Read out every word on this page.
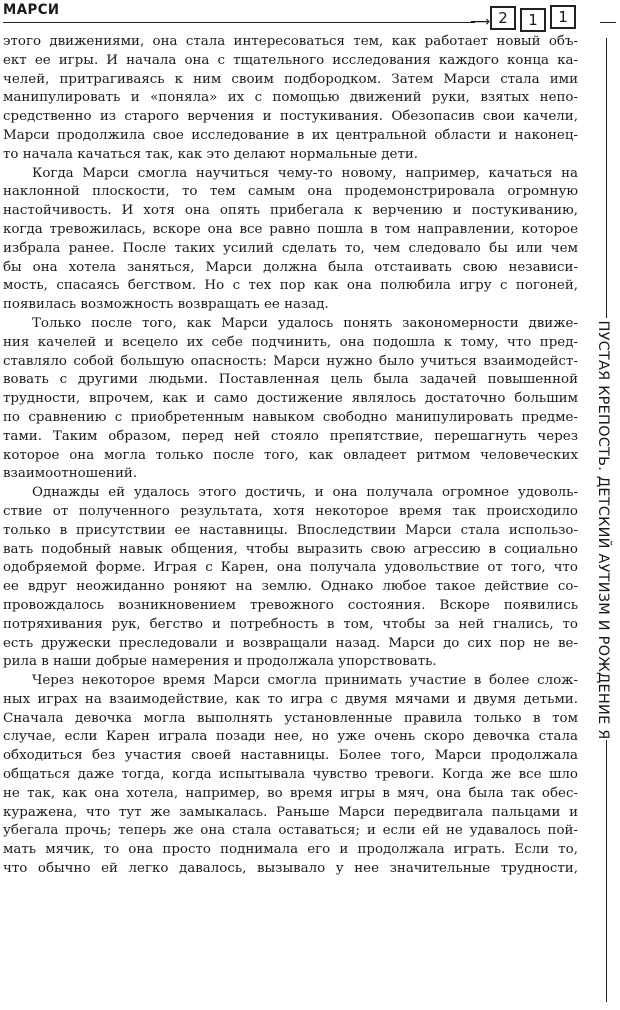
МАРСИ
⟶ 2	1	1
ПУСТАЯ КРЕПОСТЬ. ДЕТСКИЙ АУТИЗМ И РОЖДЕНИЕ Я

этого движениями, она стала интересоваться тем, как работает новый объ-
ект ее игры. И начала она с тщательного исследования каждого конца ка-
челей, притрагиваясь к ним своим подбородком. Затем Марси стала ими
манипулировать и «поняла» их с помощью движений руки, взятых непо-
средственно из старого верчения и постукивания. Обезопасив свои качели,
Марси продолжила свое исследование в их центральной области и наконец-
то начала качаться так, как это делают нормальные дети.

Когда Марси смогла научиться чему-то новому, например, качаться на
наклонной плоскости, то тем самым она продемонстрировала огромную
настойчивость. И хотя она опять прибегала к верчению и постукиванию,
когда тревожилась, вскоре она все равно пошла в том направлении, которое
избрала ранее. После таких усилий сделать то, чем следовало бы или чем
бы она хотела заняться, Марси должна была отстаивать свою независи-
мость, спасаясь бегством. Но с тех пор как она полюбила игру с погоней,
появилась возможность возвращать ее назад.

Только после того, как Марси удалось понять закономерности движе-
ния качелей и всецело их себе подчинить, она подошла к тому, что пред-
ставляло собой большую опасность: Марси нужно было учиться взаимодейст-
вовать с другими людьми. Поставленная цель была задачей повышенной
трудности, впрочем, как и само достижение являлось достаточно большим
по сравнению с приобретенным навыком свободно манипулировать предме-
тами. Таким образом, перед ней стояло препятствие, перешагнуть через
которое она могла только после того, как овладеет ритмом человеческих
взаимоотношений.

Однажды ей удалось этого достичь, и она получала огромное удоволь-
ствие от полученного результата, хотя некоторое время так происходило
только в присутствии ее наставницы. Впоследствии Марси стала использо-
вать подобный навык общения, чтобы выразить свою агрессию в социально
одобряемой форме. Играя с Карен, она получала удовольствие от того, что
ее вдруг неожиданно роняют на землю. Однако любое такое действие со-
провождалось возникновением тревожного состояния. Вскоре появились
потряхивания рук, бегство и потребность в том, чтобы за ней гнались, то
есть дружески преследовали и возвращали назад. Марси до сих пор не ве-
рила в наши добрые намерения и продолжала упорствовать.

Через некоторое время Марси смогла принимать участие в более слож-
ных играх на взаимодействие, как то игра с двумя мячами и двумя детьми.
Сначала девочка могла выполнять установленные правила только в том
случае, если Карен играла позади нее, но уже очень скоро девочка стала
обходиться без участия своей наставницы. Более того, Марси продолжала
общаться даже тогда, когда испытывала чувство тревоги. Когда же все шло
не так, как она хотела, например, во время игры в мяч, она была так обес-
куражена, что тут же замыкалась. Раньше Марси передвигала пальцами и
убегала прочь; теперь же она стала оставаться; и если ей не удавалось пой-
мать мячик, то она просто поднимала его и продолжала играть. Если то,
что обычно ей легко давалось, вызывало у нее значительные трудности,
